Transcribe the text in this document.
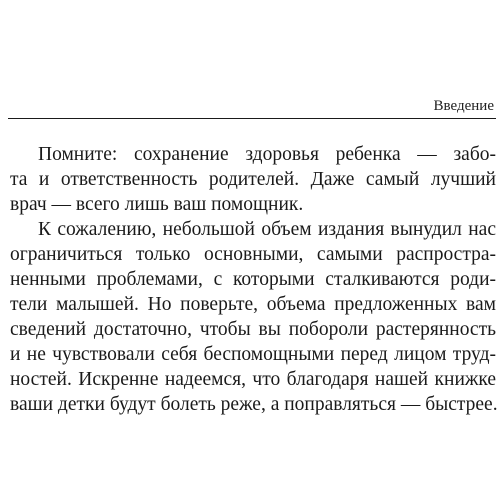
Введение
Помните: сохранение здоровья ребенка — забо-
та и ответственность родителей. Даже самый лучший
врач — всего лишь ваш помощник.
К сожалению, небольшой объем издания вынудил нас
ограничиться только основными, самыми распростра-
ненными проблемами, с которыми сталкиваются роди-
тели малышей. Но поверьте, объема предложенных вам
сведений достаточно, чтобы вы побороли растерянность
и не чувствовали себя беспомощными перед лицом труд-
ностей. Искренне надеемся, что благодаря нашей книжке
ваши детки будут болеть реже, а поправляться — быстрее.
